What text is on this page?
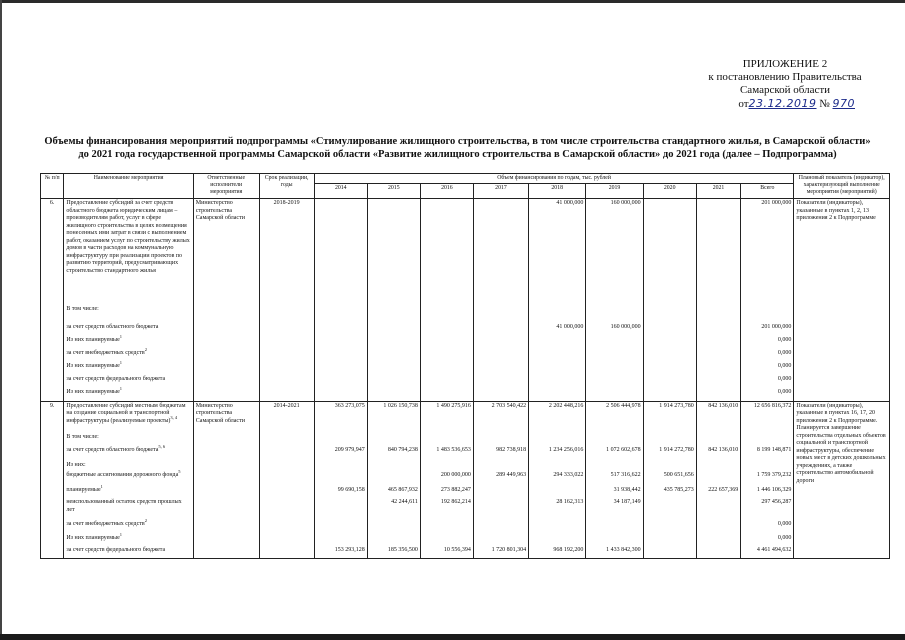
ПРИЛОЖЕНИЕ 2
к постановлению Правительства
Самарской области
от23.12.2019 № 970
Объемы финансирования мероприятий подпрограммы «Стимулирование жилищного строительства, в том числе строительства стандартного жилья, в Самарской области»
до 2021 года государственной программы Самарской области «Развитие жилищного строительства в Самарской области» до 2021 года (далее – Подпрограмма)
№ п/п	Наименование мероприятия	Ответственные исполнители мероприятия	Срок реализации, годы	Объем финансирования по годам, тыс. рублей									Плановый показатель (индикатор), характеризующий выполнение мероприятия (мероприятий)
				2014	2015	2016	2017	2018	2019	2020	2021	Всего	
6.	Предоставление субсидий за счет средств областного бюджета юридическим лицам – производителям работ, услуг в сфере жилищного строительства в целях возмещения понесенных ими затрат в связи с выполнением работ, оказанием услуг по строительству жилых домов в части расходов на коммунальную инфраструктуру при реализации проектов по развитию территорий, предусматривающих строительство стандартного жилья	Министерство строительства Самарской области	2018-2019					41 000,000	160 000,000			201 000,000	Показатели (индикаторы), указанные в пунктах 1, 2, 13 приложения 2 к Подпрограмме
	В том числе:												
	за счет средств областного бюджета							41 000,000	160 000,000			201 000,000	
	Из них планируемые$^1$											0,000	
	за счет внебюджетных средств$^2$											0,000	
	Из них планируемые$^1$											0,000	
	за счет средств федерального бюджета											0,000	
	Из них планируемые$^1$											0,000	
9.	Предоставление субсидий местным бюджетам на создание социальной и транспортной инфраструктуры (реализуемые проекты)$^{3, 4}$	Министерство строительства Самарской области	2014-2021	363 273,075	1 026 150,738	1 490 275,916	2 703 540,422	2 202 448,216	2 506 444,978	1 914 273,780	842 136,010	12 656 816,372	Показатели (индикаторы), указанные в пунктах 16, 17, 20 приложения 2 к Подпрограмме. Планируется завершение строительства отдельных объектов социальной и транспортной инфраструктуры, обеспечение новых мест в детских дошкольных учреждениях, а также строительство автомобильной дороги
	В том числе:												
	за счет средств областного бюджета$^{5, 6}$			209 979,947	840 794,238	1 483 536,653	982 738,918	1 234 256,016	1 072 602,678	1 914 272,780	842 136,010	8 199 148,871	
	Из них:												
	бюджетные ассигнования дорожного фонда$^5$					200 000,000	289 449,963	294 333,022	517 316,622	500 651,656		1 759 379,232	
	планируемые$^1$			99 690,158	465 867,932	273 882,247			31 938,442	435 785,273	222 657,369	1 446 106,329	
	неиспользованный остаток средств прошлых лет				42 244,611	192 862,214		28 162,313	34 187,149			297 456,287	
	за счет внебюджетных средств$^2$											0,000	
	Из них планируемые$^1$											0,000	
	за счет средств федерального бюджета			153 293,128	185 356,500	10 556,394	1 720 801,304	968 192,200	1 433 842,300			4 461 494,632	
